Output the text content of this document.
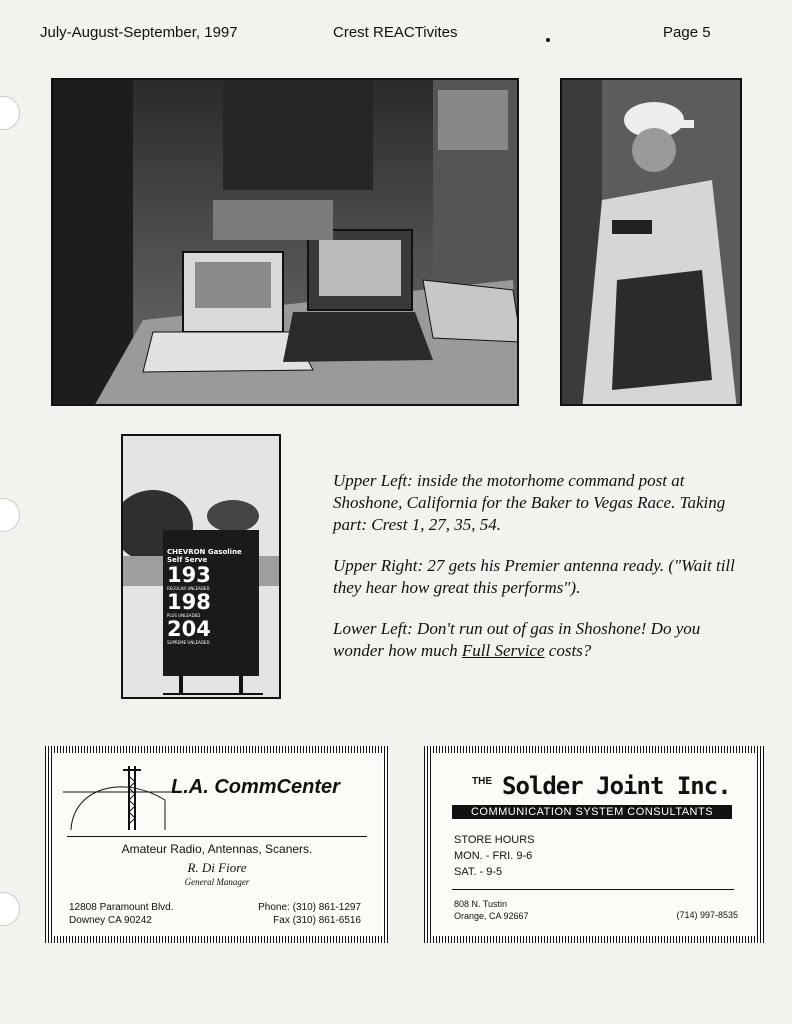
July-August-September, 1997	Crest REACTivites	Page 5
CHEVRON Gasoline
Self Serve
193
REGULAR UNLEADED
198
PLUS UNLEADED
204
SUPREME UNLEADED

Upper Left: inside the motorhome command post at Shoshone, California for the Baker to Vegas Race. Taking part: Crest 1, 27, 35, 54.

Upper Right: 27 gets his Premier antenna ready. ("Wait till they hear how great this performs").

Lower Left: Don't run out of gas in Shoshone! Do you wonder how much Full Service costs?

L.A. CommCenter
Amateur Radio, Antennas, Scaners.
R. Di Fiore
General Manager
12808 Paramount Blvd.
Downey CA 90242
Phone: (310) 861-1297
Fax (310) 861-6516
THE Solder Joint Inc.
COMMUNICATION SYSTEM CONSULTANTS
STORE HOURS
MON. - FRI. 9-6
SAT. - 9-5
808 N. Tustin
Orange, CA 92667	(714) 997-8535
